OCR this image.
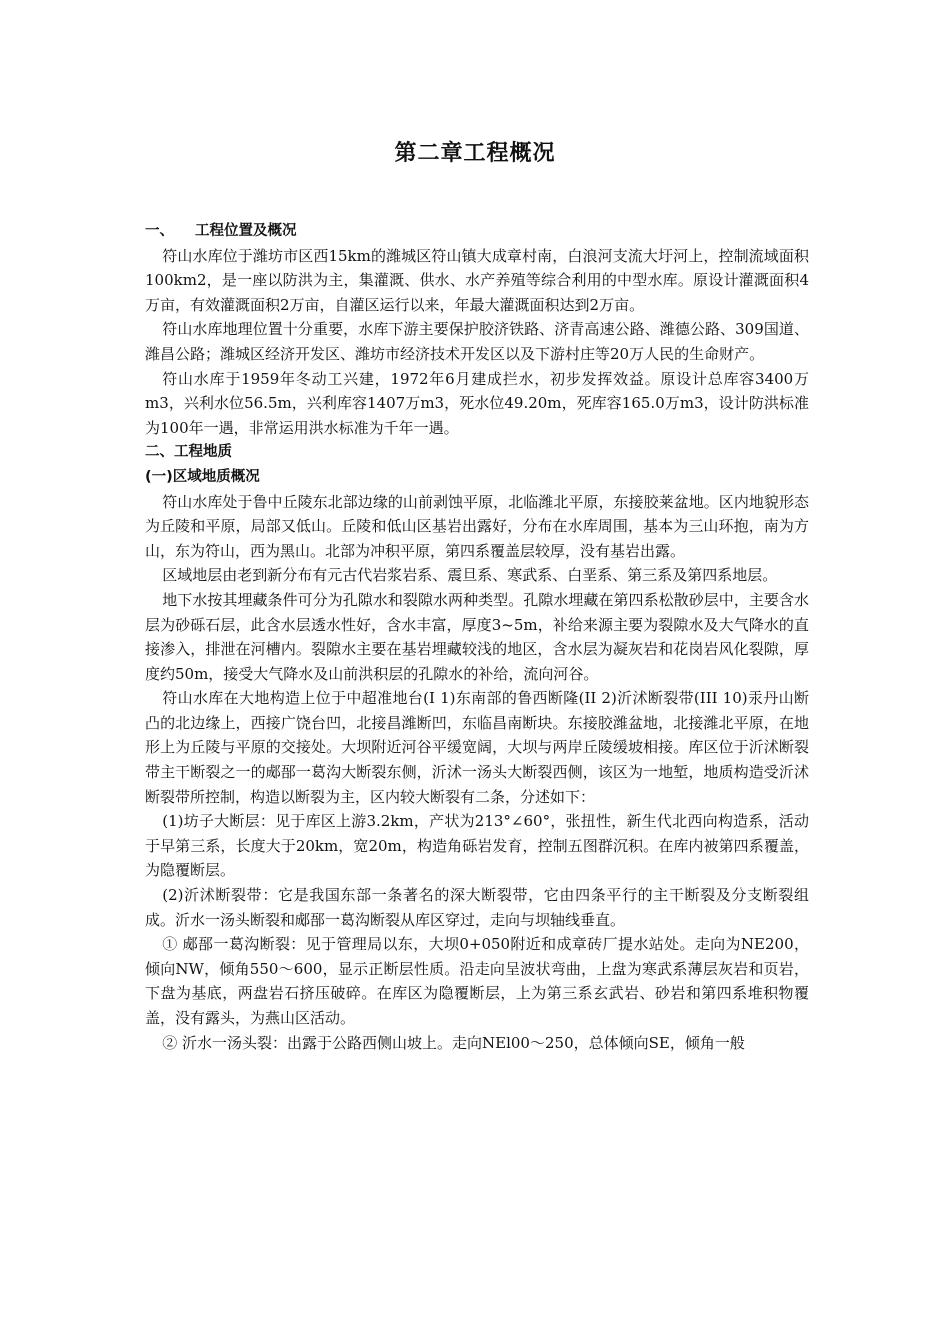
第二章工程概况
一、 工程位置及概况

符山水库位于潍坊市区西15km的潍城区符山镇大成章村南，白浪河支流大圩河上，控制流域面积100km2，是一座以防洪为主，集灌溉、供水、水产养殖等综合利用的中型水库。原设计灌溉面积4万亩，有效灌溉面积2万亩，自灌区运行以来，年最大灌溉面积达到2万亩。

符山水库地理位置十分重要，水库下游主要保护胶济铁路、济青高速公路、潍德公路、309国道、潍昌公路；潍城区经济开发区、潍坊市经济技术开发区以及下游村庄等20万人民的生命财产。

符山水库于1959年冬动工兴建，1972年6月建成拦水，初步发挥效益。原设计总库容3400万m3，兴利水位56.5m，兴利库容1407万m3，死水位49.20m，死库容165.0万m3，设计防洪标准为100年一遇，非常运用洪水标准为千年一遇。

二、工程地质
(一)区域地质概况

符山水库处于鲁中丘陵东北部边缘的山前剥蚀平原，北临潍北平原，东接胶莱盆地。区内地貌形态为丘陵和平原，局部又低山。丘陵和低山区基岩出露好，分布在水库周围，基本为三山环抱，南为方山，东为符山，西为黑山。北部为冲积平原，第四系覆盖层较厚，没有基岩出露。

区域地层由老到新分布有元古代岩浆岩系、震旦系、寒武系、白垩系、第三系及第四系地层。

地下水按其埋藏条件可分为孔隙水和裂隙水两种类型。孔隙水埋藏在第四系松散砂层中，主要含水层为砂砾石层，此含水层透水性好，含水丰富，厚度3~5m，补给来源主要为裂隙水及大气降水的直接渗入，排泄在河槽内。裂隙水主要在基岩埋藏较浅的地区，含水层为凝灰岩和花岗岩风化裂隙，厚度约50m，接受大气降水及山前洪积层的孔隙水的补给，流向河谷。

符山水库在大地构造上位于中超准地台(I 1)东南部的鲁西断隆(II 2)沂沭断裂带(III 10)汞丹山断凸的北边缘上，西接广饶台凹，北接昌潍断凹，东临昌南断块。东接胶潍盆地，北接潍北平原，在地形上为丘陵与平原的交接处。大坝附近河谷平缓宽阔，大坝与两岸丘陵缓坡相接。库区位于沂沭断裂带主干断裂之一的郕郚一葛沟大断裂东侧，沂沭一汤头大断裂西侧，该区为一地堑，地质构造受沂沭断裂带所控制，构造以断裂为主，区内较大断裂有二条，分述如下：

(1)坊子大断层：见于库区上游3.2km，产状为213°∠60°，张扭性，新生代北西向构造系，活动于早第三系，长度大于20km，宽20m，构造角砾岩发育，控制五图群沉积。在库内被第四系覆盖，为隐覆断层。

(2)沂沭断裂带：它是我国东部一条著名的深大断裂带，它由四条平行的主干断裂及分支断裂组成。沂水一汤头断裂和郕郚一葛沟断裂从库区穿过，走向与坝轴线垂直。

① 郕郚一葛沟断裂：见于管理局以东，大坝0+050附近和成章砖厂提水站处。走向为NE200，倾向NW，倾角550～600，显示正断层性质。沿走向呈波状弯曲，上盘为寒武系薄层灰岩和页岩，下盘为基底，两盘岩石挤压破碎。在库区为隐覆断层，上为第三系玄武岩、砂岩和第四系堆积物覆盖，没有露头，为燕山区活动。

② 沂水一汤头裂：出露于公路西侧山坡上。走向NEl00～250，总体倾向SE，倾角一般
